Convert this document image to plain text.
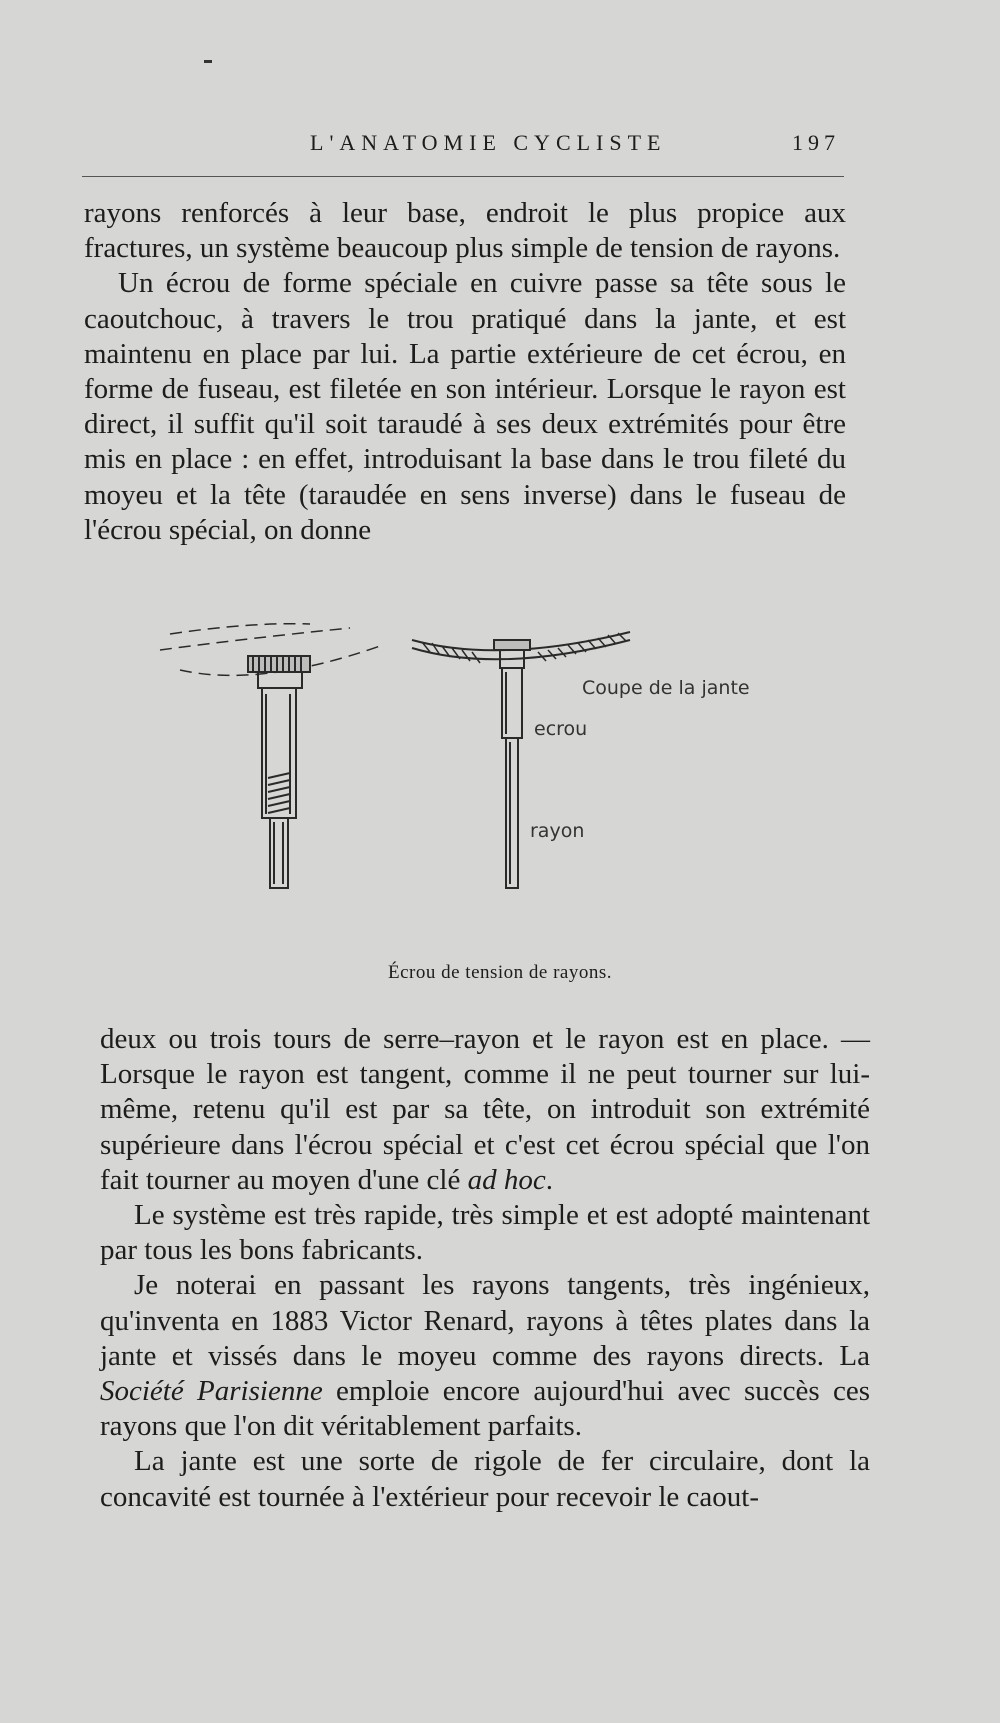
L'ANATOMIE CYCLISTE	197

rayons renforcés à leur base, endroit le plus propice aux fractures, un système beaucoup plus simple de tension de rayons.

Un écrou de forme spéciale en cuivre passe sa tête sous le caoutchouc, à travers le trou pratiqué dans la jante, et est maintenu en place par lui. La partie extérieure de cet écrou, en forme de fuseau, est filetée en son intérieur. Lorsque le rayon est direct, il suffit qu'il soit taraudé à ses deux extrémités pour être mis en place : en effet, introduisant la base dans le trou fileté du moyeu et la tête (taraudée en sens inverse) dans le fuseau de l'écrou spécial, on donne

Coupe de la jante
ecrou
rayon
Écrou de tension de rayons.

deux ou trois tours de serre–rayon et le rayon est en place. — Lorsque le rayon est tangent, comme il ne peut tourner sur lui-même, retenu qu'il est par sa tête, on introduit son extrémité supérieure dans l'écrou spécial et c'est cet écrou spécial que l'on fait tourner au moyen d'une clé ad hoc.

Le système est très rapide, très simple et est adopté maintenant par tous les bons fabricants.

Je noterai en passant les rayons tangents, très ingénieux, qu'inventa en 1883 Victor Renard, rayons à têtes plates dans la jante et vissés dans le moyeu comme des rayons directs. La Société Parisienne emploie encore aujourd'hui avec succès ces rayons que l'on dit véritablement parfaits.

La jante est une sorte de rigole de fer circulaire, dont la concavité est tournée à l'extérieur pour recevoir le caout-
